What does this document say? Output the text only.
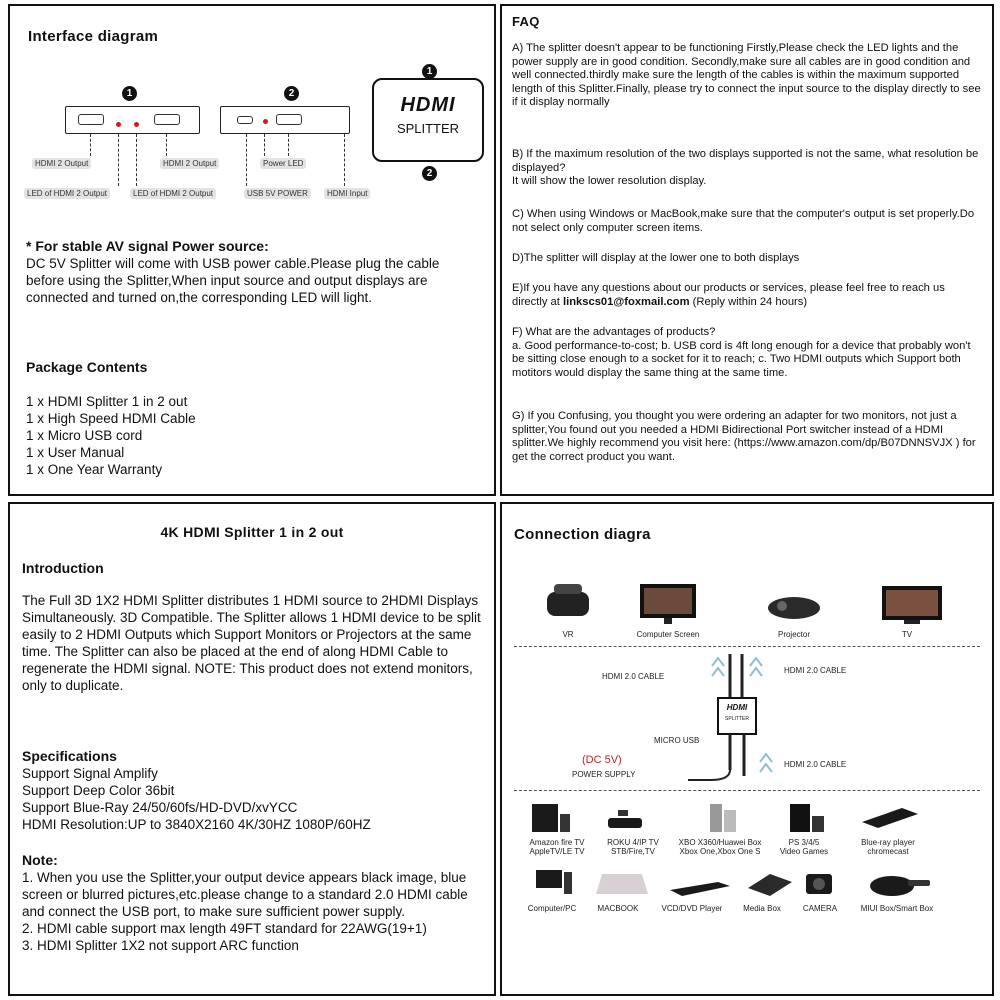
Interface diagram
1
HDMI 2 Output	HDMI 2 Output
LED of HDMI 2 Output	LED of HDMI 2 Output
2
Power LED
USB 5V POWER	HDMI Input
1
HDMI
SPLITTER
2
* For stable AV signal Power source:
DC 5V Splitter will come with USB power cable.Please plug the cable before using the Splitter,When input source and output displays are connected and turned on,the corresponding LED will light.
Package Contents
1 x HDMI Splitter 1 in 2 out
1 x High Speed HDMI Cable
1 x Micro USB cord
1 x User Manual
1 x One Year Warranty
FAQ
A) The splitter doesn't appear to be functioning Firstly,Please check the LED lights and the power supply are in good condition. Secondly,make sure all cables are in good condition and well connected.thirdly make sure the length of the cables is within the maximum supported length of this Splitter.Finally, please try to connect the input source to the display directly to see if it display normally
B) If the maximum resolution of the two displays supported is not the same, what resolution be displayed?
It will show the lower resolution display.
C) When using Windows or MacBook,make sure that the computer's output is set properly.Do not select only computer screen items.
D)The splitter will display at the lower one to both displays
E)If you have any questions about our products or services, please feel free to reach us directly at linkscs01@foxmail.com (Reply within 24 hours)
F) What are the advantages of products?
a. Good performance-to-cost; b. USB cord is 4ft long enough for a device that probably won't be sitting close enough to a socket for it to reach; c. Two HDMI outputs which Support both motitors would display the same thing at the same time.
G) If you Confusing, you thought you were ordering an adapter for two monitors, not just a splitter,You found out you needed a HDMI Bidirectional Port switcher instead of a HDMI splitter.We highly recommend you visit here: (https://www.amazon.com/dp/B07DNNSVJX ) for get the correct product you want.
4K HDMI Splitter 1 in 2 out
Introduction
The Full 3D 1X2 HDMI Splitter distributes 1 HDMI source to 2HDMI Displays Simultaneously. 3D Compatible. The Splitter allows 1 HDMI device to be split easily to 2 HDMI Outputs which Support Monitors or Projectors at the same time. The Splitter can also be placed at the end of along HDMI Cable to regenerate the HDMI signal. NOTE: This product does not extend monitors, only to duplicate.
Specifications
Support Signal Amplify
Support Deep Color 36bit
Support Blue-Ray 24/50/60fs/HD-DVD/xvYCC
HDMI Resolution:UP to 3840X2160 4K/30HZ 1080P/60HZ
Note:
1. When you use the Splitter,your output device appears black image, blue screen or blurred pictures,etc.please change to a standard 2.0 HDMI cable and connect the USB port, to make sure sufficient power supply.
2. HDMI cable support max length 49FT standard for 22AWG(19+1)
3. HDMI Splitter 1X2 not support ARC function
Connection diagra
VR	Computer Screen	Projector	TV
HDMI
SPLITTER
HDMI 2.0 CABLE
HDMI 2.0 CABLE
HDMI 2.0 CABLE
MICRO USB
(DC 5V)
POWER SUPPLY
Amazon fire TV
AppleTV/LE TV
ROKU 4/IP TV
STB/Fire,TV
XBO X360/Huawei Box
Xbox One,Xbox One S
PS 3/4/5
Video Games
Blue-ray player
chromecast
Computer/PC	MACBOOK	VCD/DVD Player	Media Box	CAMERA	MIUI Box/Smart Box
